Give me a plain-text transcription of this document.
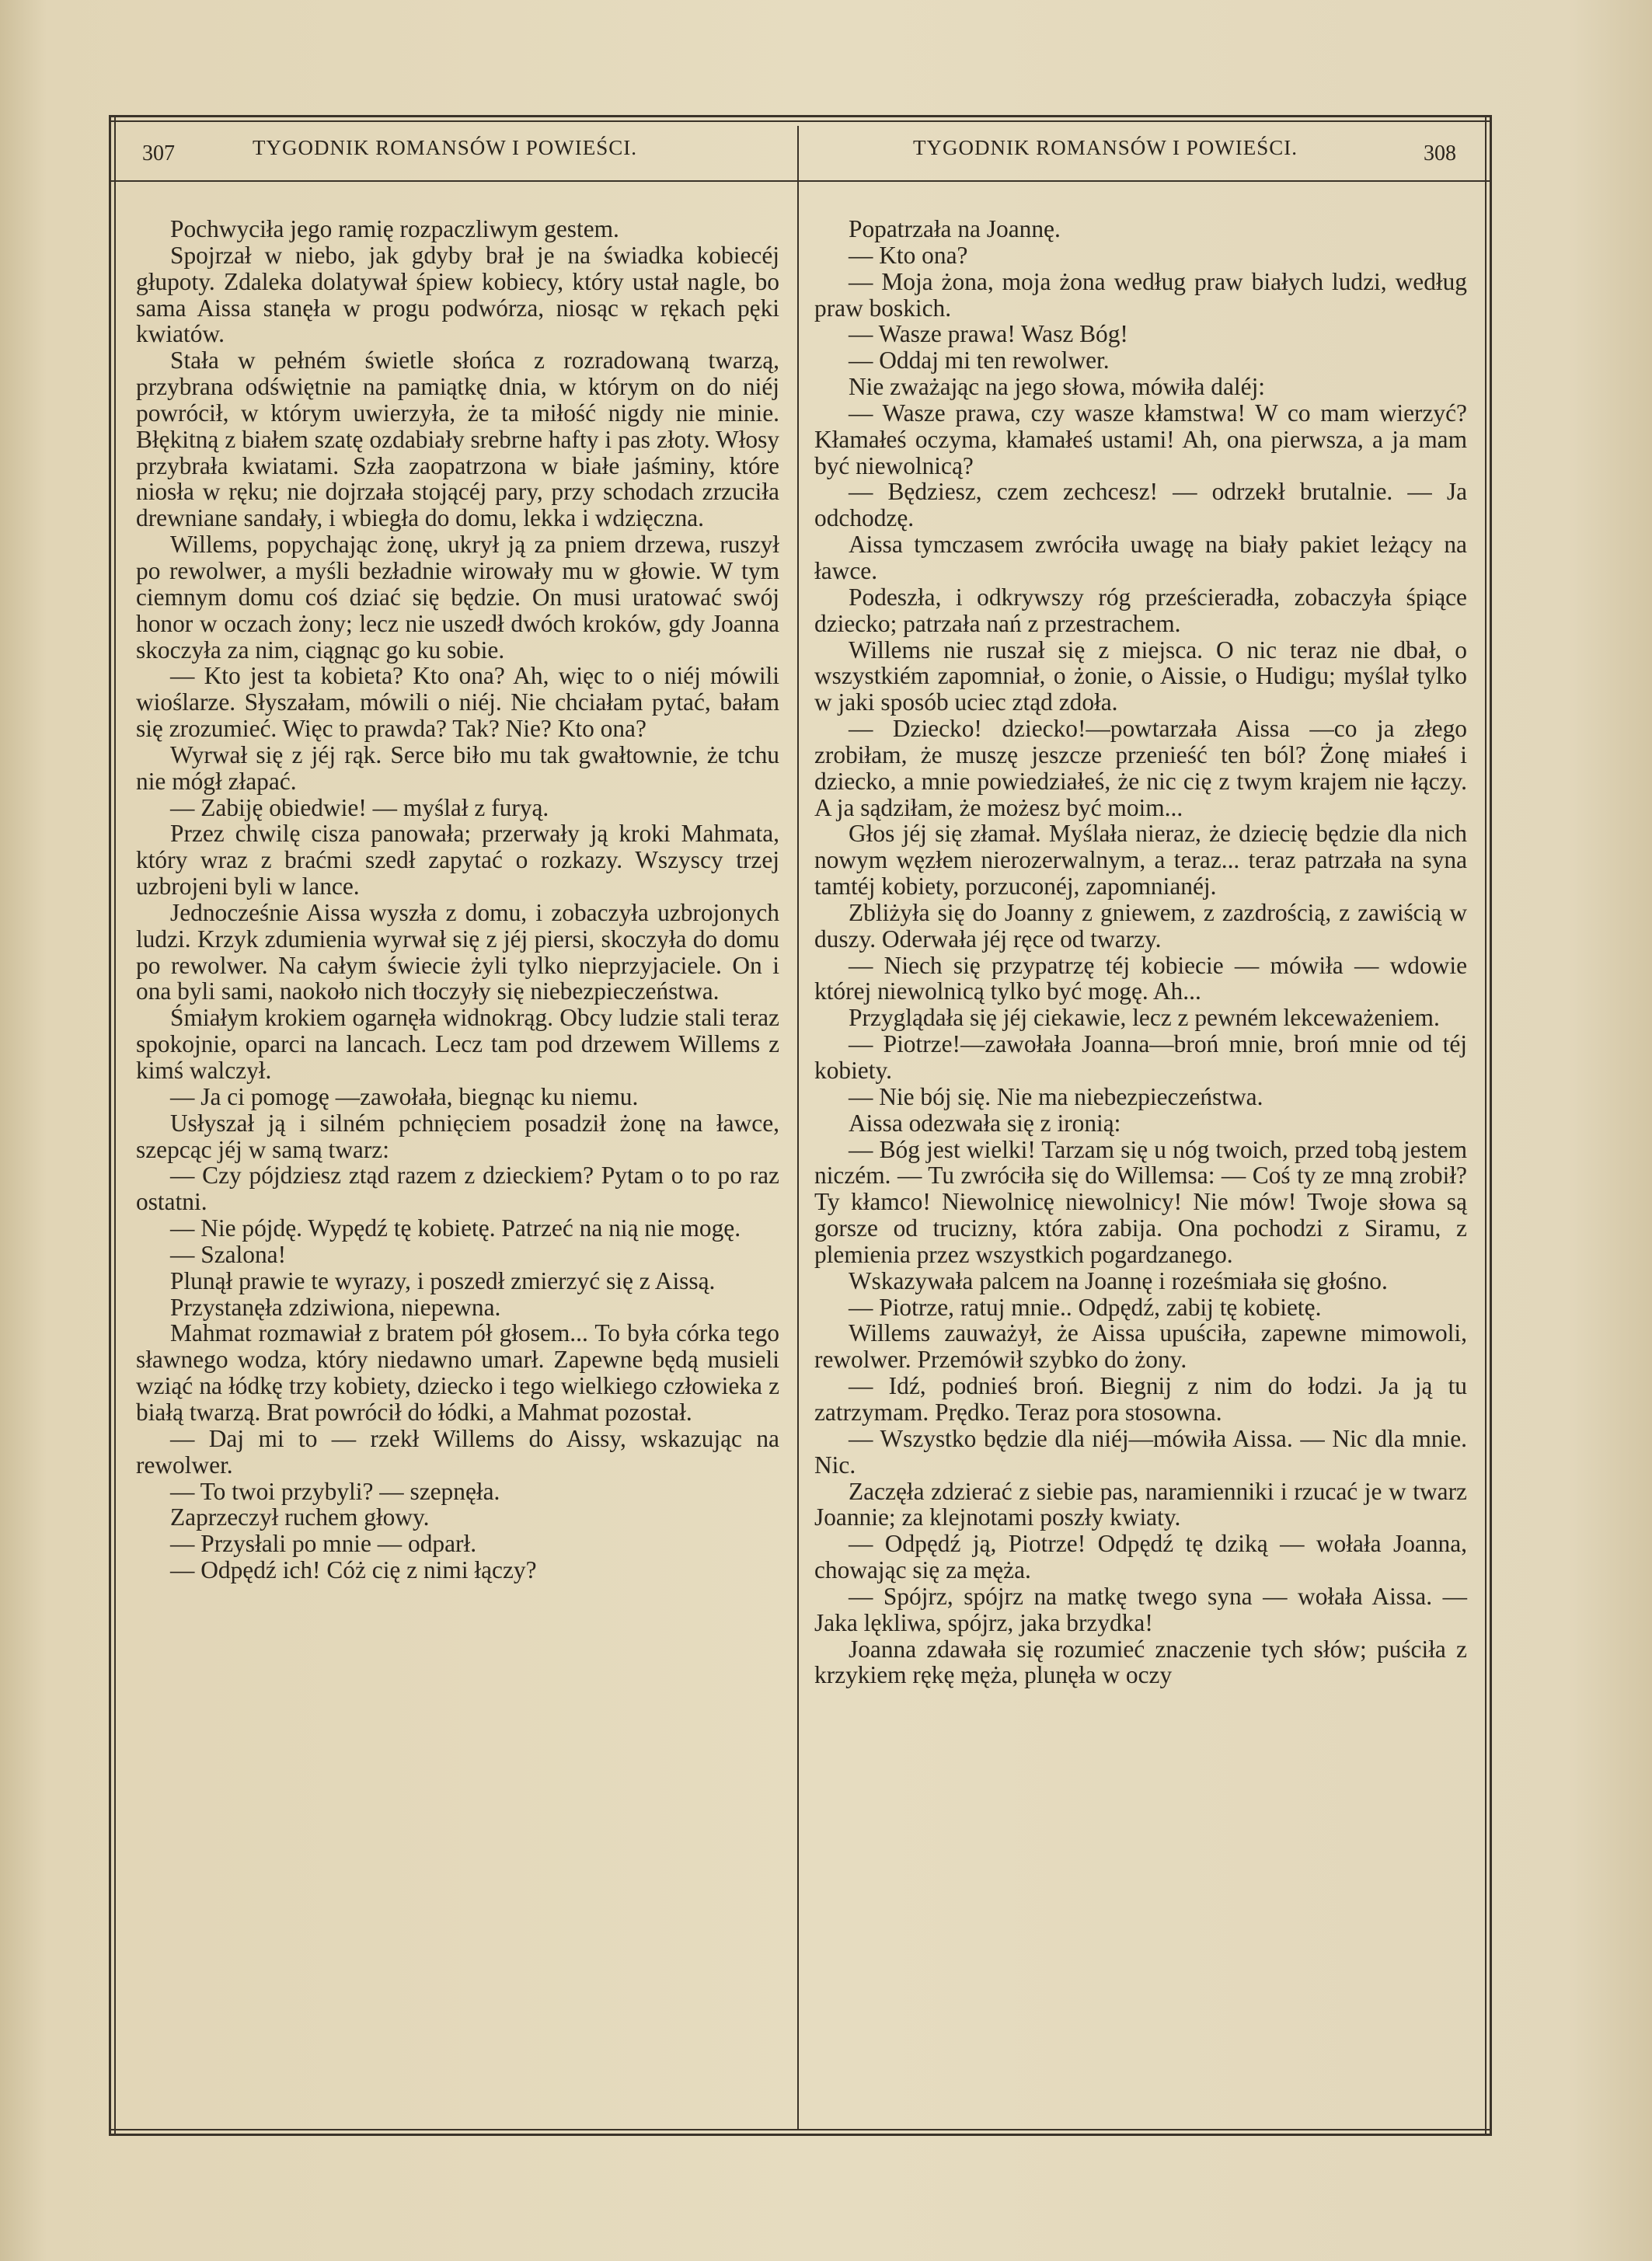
307	TYGODNIK ROMANSÓW I POWIEŚCI.	TYGODNIK ROMANSÓW I POWIEŚCI.	308

Pochwyciła jego ramię rozpaczliwym gestem.

Spojrzał w niebo, jak gdyby brał je na świadka kobiecéj głupoty. Zdaleka dolatywał śpiew kobiecy, który ustał nagle, bo sama Aissa stanęła w progu podwórza, niosąc w rękach pęki kwiatów.

Stała w pełném świetle słońca z rozradowaną twarzą, przybrana odświętnie na pamiątkę dnia, w którym on do niéj powrócił, w którym uwierzyła, że ta miłość nigdy nie minie. Błękitną z białem szatę ozdabiały srebrne hafty i pas złoty. Włosy przybrała kwiatami. Szła zaopatrzona w białe jaśminy, które niosła w ręku; nie dojrzała stojącéj pary, przy schodach zrzuciła drewniane sandały, i wbiegła do domu, lekka i wdzięczna.

Willems, popychając żonę, ukrył ją za pniem drzewa, ruszył po rewolwer, a myśli bezładnie wirowały mu w głowie. W tym ciemnym domu coś dziać się będzie. On musi uratować swój honor w oczach żony; lecz nie uszedł dwóch kroków, gdy Joanna skoczyła za nim, ciągnąc go ku sobie.

— Kto jest ta kobieta? Kto ona? Ah, więc to o niéj mówili wioślarze. Słyszałam, mówili o niéj. Nie chciałam pytać, bałam się zrozumieć. Więc to prawda? Tak? Nie? Kto ona?

Wyrwał się z jéj rąk. Serce biło mu tak gwałtownie, że tchu nie mógł złapać.

— Zabiję obiedwie! — myślał z furyą.

Przez chwilę cisza panowała; przerwały ją kroki Mahmata, który wraz z braćmi szedł zapytać o rozkazy. Wszyscy trzej uzbrojeni byli w lance.

Jednocześnie Aissa wyszła z domu, i zobaczyła uzbrojonych ludzi. Krzyk zdumienia wyrwał się z jéj piersi, skoczyła do domu po rewolwer. Na całym świecie żyli tylko nieprzyjaciele. On i ona byli sami, naokoło nich tłoczyły się niebezpieczeństwa.

Śmiałym krokiem ogarnęła widnokrąg. Obcy ludzie stali teraz spokojnie, oparci na lancach. Lecz tam pod drzewem Willems z kimś walczył.

— Ja ci pomogę —zawołała, biegnąc ku niemu.

Usłyszał ją i silném pchnięciem posadził żonę na ławce, szepcąc jéj w samą twarz:

— Czy pójdziesz ztąd razem z dzieckiem? Pytam o to po raz ostatni.

— Nie pójdę. Wypędź tę kobietę. Patrzeć na nią nie mogę.

— Szalona!

Plunął prawie te wyrazy, i poszedł zmierzyć się z Aissą.

Przystanęła zdziwiona, niepewna.

Mahmat rozmawiał z bratem pół głosem... To była córka tego sławnego wodza, który niedawno umarł. Zapewne będą musieli wziąć na łódkę trzy kobiety, dziecko i tego wielkiego człowieka z białą twarzą. Brat powrócił do łódki, a Mahmat pozostał.

— Daj mi to — rzekł Willems do Aissy, wskazując na rewolwer.

— To twoi przybyli? — szepnęła.

Zaprzeczył ruchem głowy.

— Przysłali po mnie — odparł.

— Odpędź ich! Cóż cię z nimi łączy?

Popatrzała na Joannę.

— Kto ona?

— Moja żona, moja żona według praw białych ludzi, według praw boskich.

— Wasze prawa! Wasz Bóg!

— Oddaj mi ten rewolwer.

Nie zważając na jego słowa, mówiła daléj:

— Wasze prawa, czy wasze kłamstwa! W co mam wierzyć? Kłamałeś oczyma, kłamałeś ustami! Ah, ona pierwsza, a ja mam być niewolnicą?

— Będziesz, czem zechcesz! — odrzekł brutalnie. — Ja odchodzę.

Aissa tymczasem zwróciła uwagę na biały pakiet leżący na ławce.

Podeszła, i odkrywszy róg prześcieradła, zobaczyła śpiące dziecko; patrzała nań z przestrachem.

Willems nie ruszał się z miejsca. O nic teraz nie dbał, o wszystkiém zapomniał, o żonie, o Aissie, o Hudigu; myślał tylko w jaki sposób uciec ztąd zdoła.

— Dziecko! dziecko!—powtarzała Aissa —co ja złego zrobiłam, że muszę jeszcze przenieść ten ból? Żonę miałeś i dziecko, a mnie powiedziałeś, że nic cię z twym krajem nie łączy. A ja sądziłam, że możesz być moim...

Głos jéj się złamał. Myślała nieraz, że dziecię będzie dla nich nowym węzłem nierozerwalnym, a teraz... teraz patrzała na syna tamtéj kobiety, porzuconéj, zapomnianéj.

Zbliżyła się do Joanny z gniewem, z zazdrością, z zawiścią w duszy. Oderwała jéj ręce od twarzy.

— Niech się przypatrzę téj kobiecie — mówiła — wdowie której niewolnicą tylko być mogę. Ah...

Przyglądała się jéj ciekawie, lecz z pewném lekceważeniem.

— Piotrze!—zawołała Joanna—broń mnie, broń mnie od téj kobiety.

— Nie bój się. Nie ma niebezpieczeństwa.

Aissa odezwała się z ironią:

— Bóg jest wielki! Tarzam się u nóg twoich, przed tobą jestem niczém. — Tu zwróciła się do Willemsa: — Coś ty ze mną zrobił? Ty kłamco! Niewolnicę niewolnicy! Nie mów! Twoje słowa są gorsze od trucizny, która zabija. Ona pochodzi z Siramu, z plemienia przez wszystkich pogardzanego.

Wskazywała palcem na Joannę i roześmiała się głośno.

— Piotrze, ratuj mnie.. Odpędź, zabij tę kobietę.

Willems zauważył, że Aissa upuściła, zapewne mimowoli, rewolwer. Przemówił szybko do żony.

— Idź, podnieś broń. Biegnij z nim do łodzi. Ja ją tu zatrzymam. Prędko. Teraz pora stosowna.

— Wszystko będzie dla niéj—mówiła Aissa. — Nic dla mnie. Nic.

Zaczęła zdzierać z siebie pas, naramienniki i rzucać je w twarz Joannie; za klejnotami poszły kwiaty.

— Odpędź ją, Piotrze! Odpędź tę dziką — wołała Joanna, chowając się za męża.

— Spójrz, spójrz na matkę twego syna — wołała Aissa. — Jaka lękliwa, spójrz, jaka brzydka!

Joanna zdawała się rozumieć znaczenie tych słów; puściła z krzykiem rękę męża, plunęła w oczy
